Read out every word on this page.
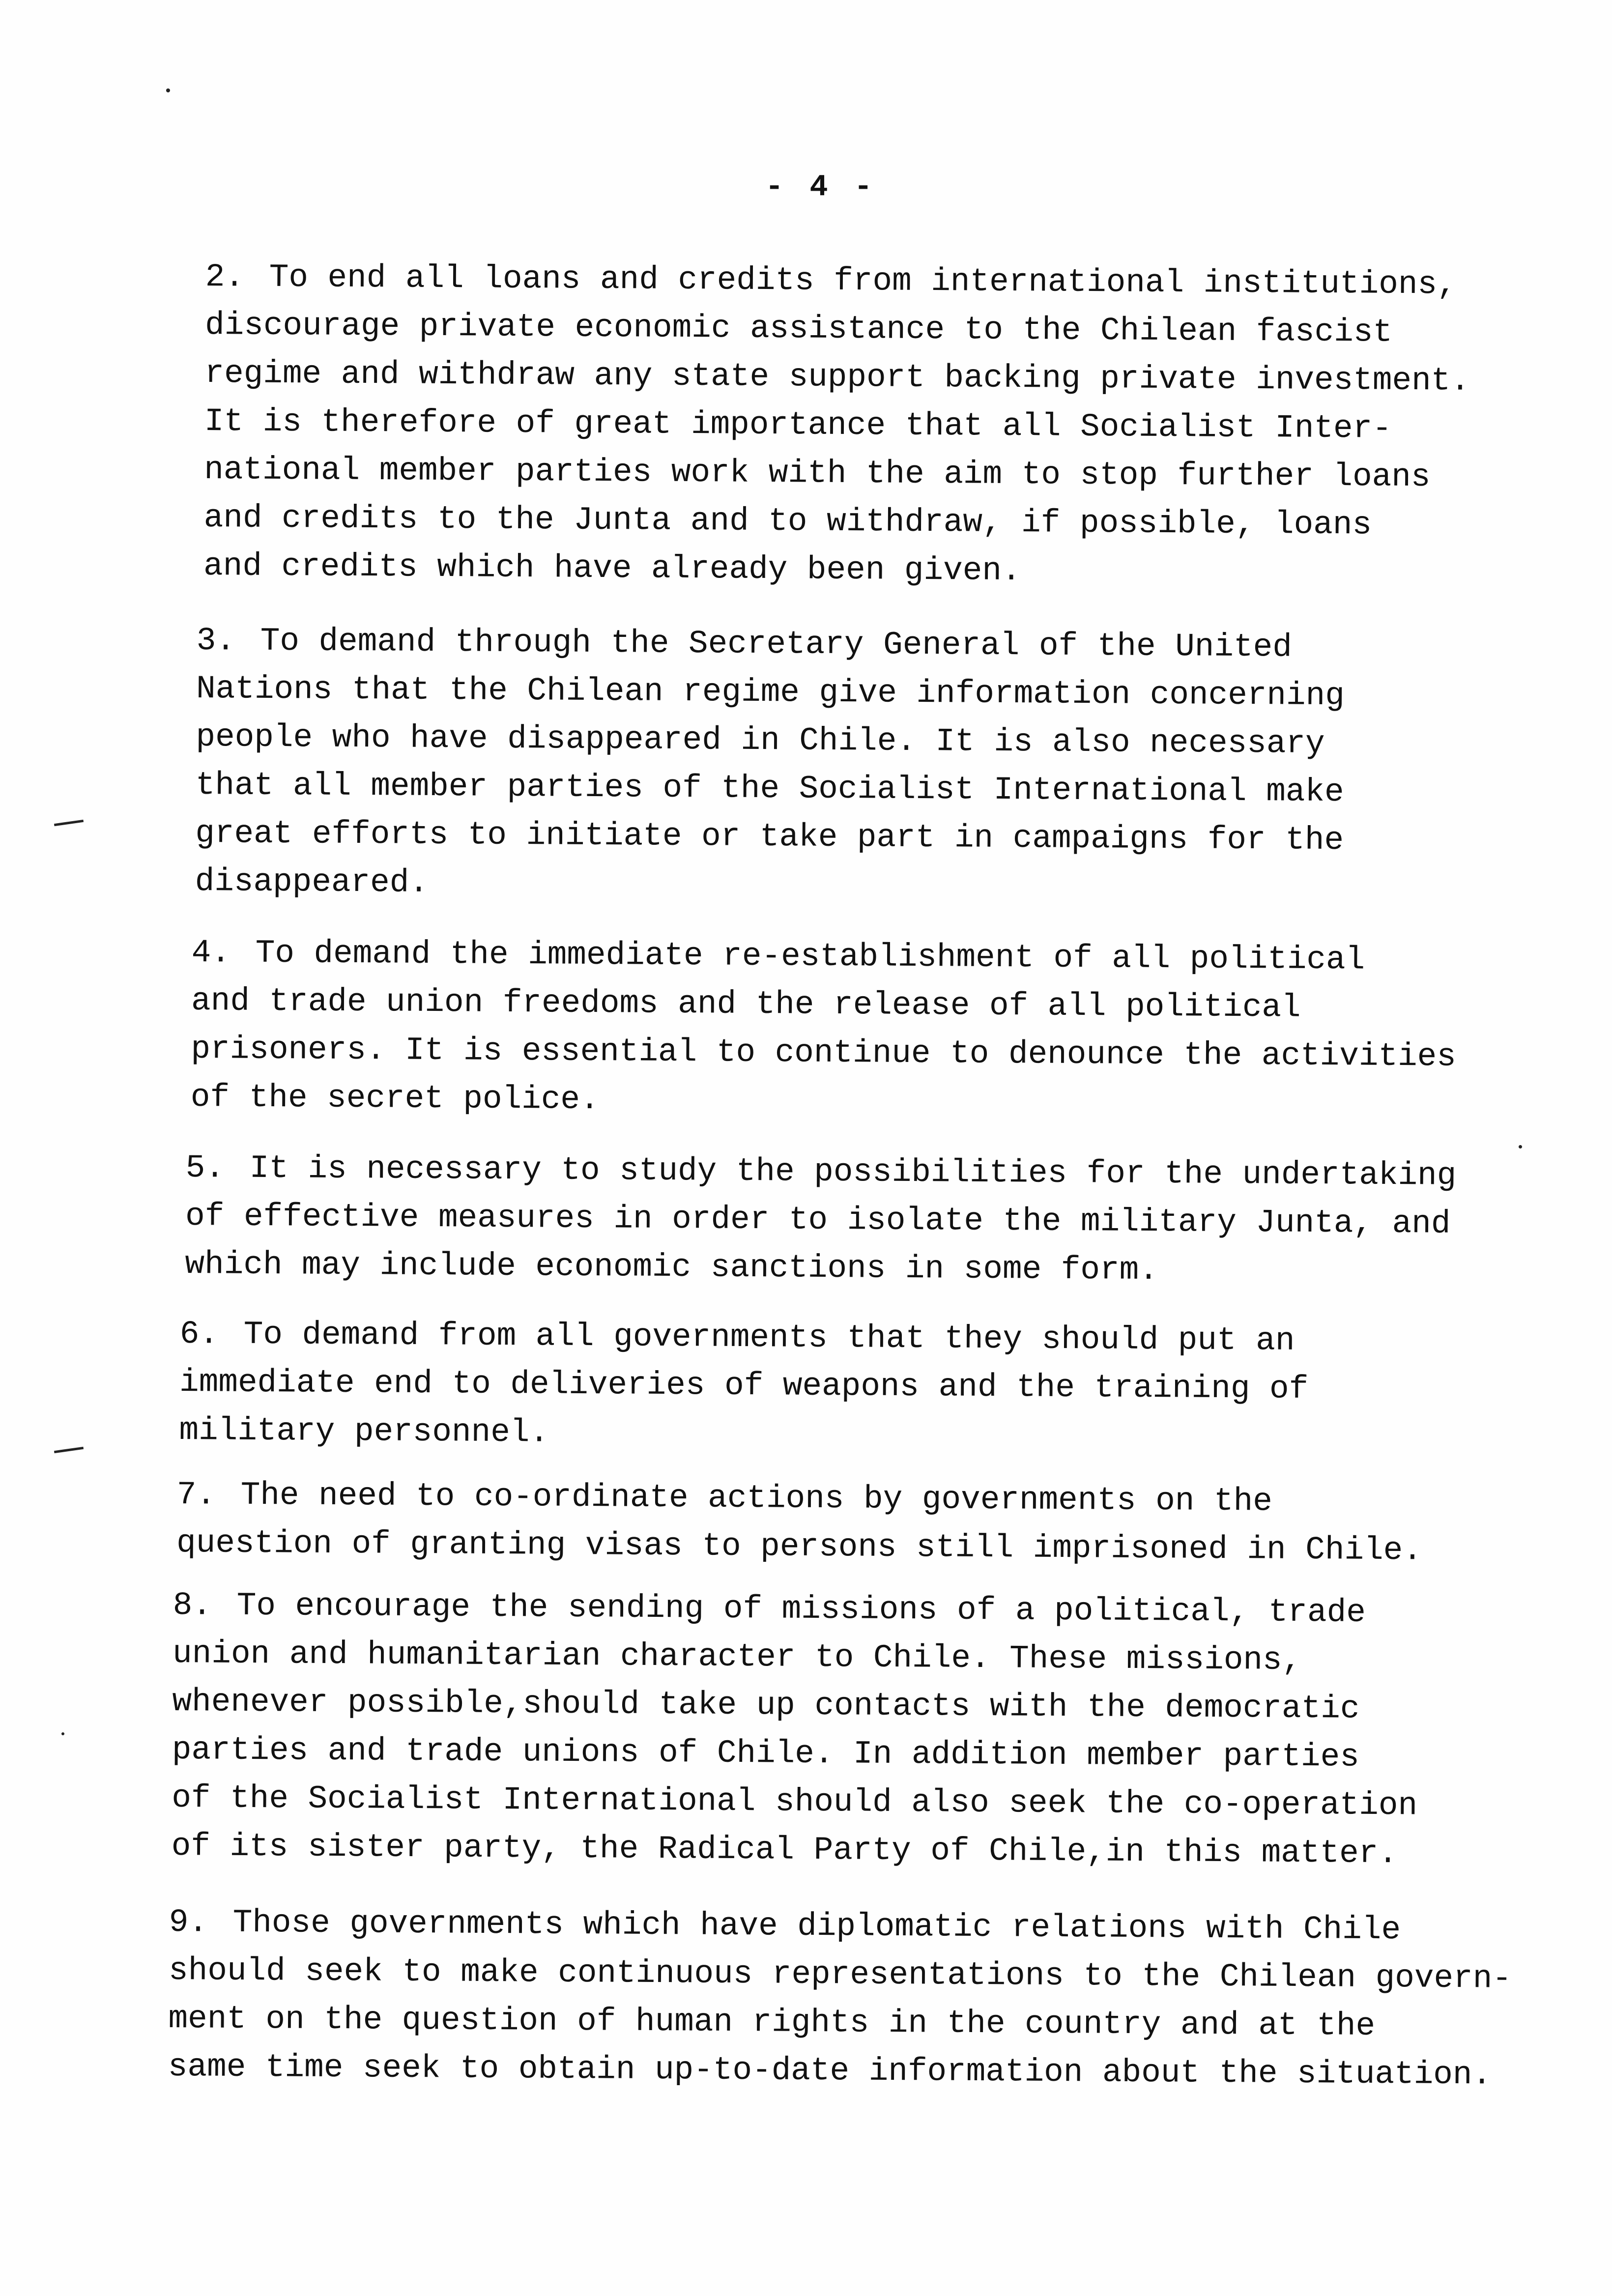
- 4 -
2. To end all loans and credits from international institutions,
discourage private economic assistance to the Chilean fascist
regime and withdraw any state support backing private investment.
It is therefore of great importance that all Socialist Inter-
national member parties work with the aim to stop further loans
and credits to the Junta and to withdraw, if possible, loans
and credits which have already been given.
3. To demand through the Secretary General of the United
Nations that the Chilean regime give information concerning
people who have disappeared in Chile. It is also necessary
that all member parties of the Socialist International make
great efforts to initiate or take part in campaigns for the
disappeared.
4. To demand the immediate re-establishment of all political
and trade union freedoms and the release of all political
prisoners. It is essential to continue to denounce the activities
of the secret police.
5. It is necessary to study the possibilities for the undertaking
of effective measures in order to isolate the military Junta, and
which may include economic sanctions in some form.
6. To demand from all governments that they should put an
immediate end to deliveries of weapons and the training of
military personnel.
7. The need to co-ordinate actions by governments on the
question of granting visas to persons still imprisoned in Chile.
8. To encourage the sending of missions of a political, trade
union and humanitarian character to Chile. These missions,
whenever possible,should take up contacts with the democratic
parties and trade unions of Chile. In addition member parties
of the Socialist International should also seek the co-operation
of its sister party, the Radical Party of Chile,in this matter.
9. Those governments which have diplomatic relations with Chile
should seek to make continuous representations to the Chilean govern-
ment on the question of human rights in the country and at the
same time seek to obtain up-to-date information about the situation.
